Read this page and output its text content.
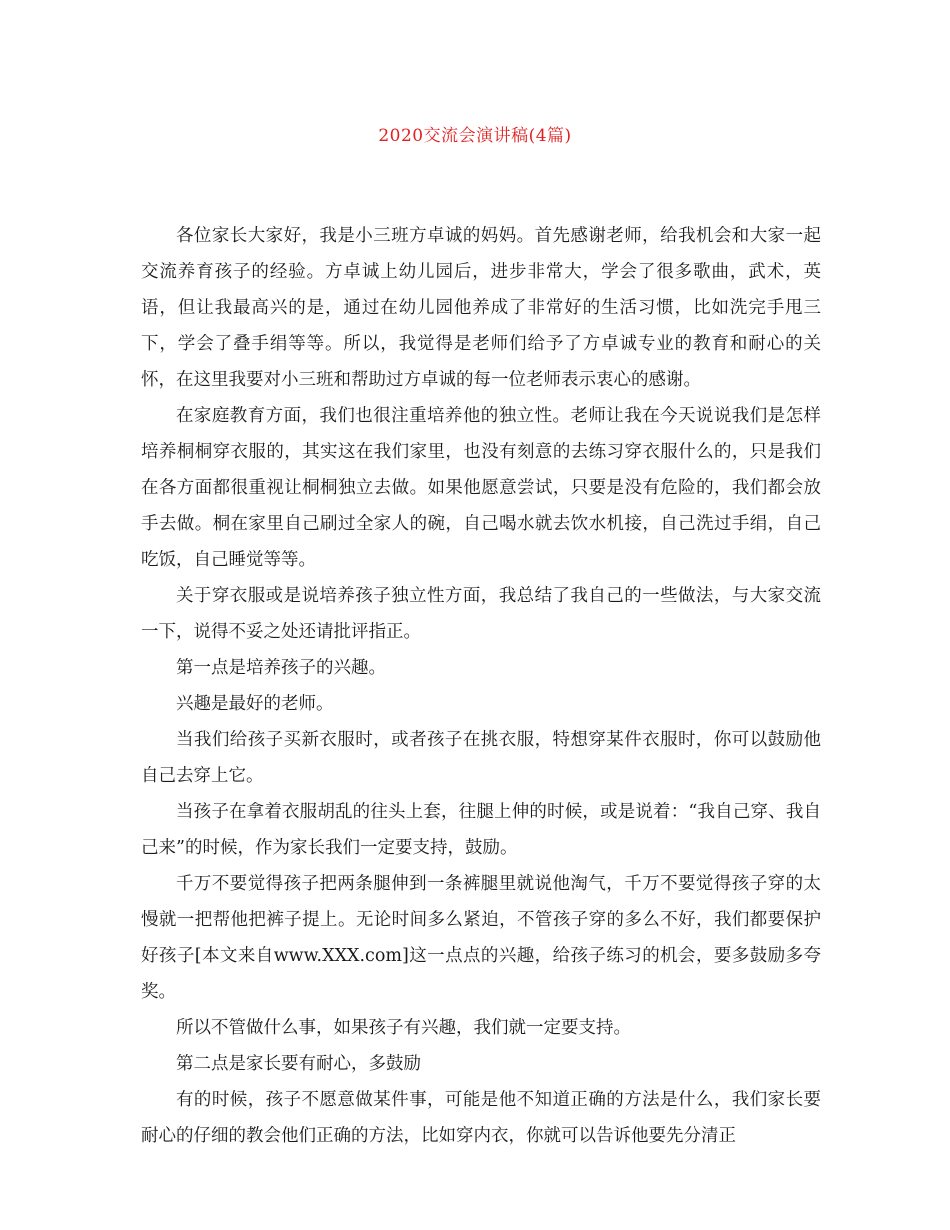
2020交流会演讲稿(4篇)

各位家长大家好，我是小三班方卓诚的妈妈。首先感谢老师，给我机会和大家一起交流养育孩子的经验。方卓诚上幼儿园后，进步非常大，学会了很多歌曲，武术，英语，但让我最高兴的是，通过在幼儿园他养成了非常好的生活习惯，比如洗完手甩三下，学会了叠手绢等等。所以，我觉得是老师们给予了方卓诚专业的教育和耐心的关怀，在这里我要对小三班和帮助过方卓诚的每一位老师表示衷心的感谢。

在家庭教育方面，我们也很注重培养他的独立性。老师让我在今天说说我们是怎样培养桐桐穿衣服的，其实这在我们家里，也没有刻意的去练习穿衣服什么的，只是我们在各方面都很重视让桐桐独立去做。如果他愿意尝试，只要是没有危险的，我们都会放手去做。桐在家里自己刷过全家人的碗，自己喝水就去饮水机接，自己洗过手绢，自己吃饭，自己睡觉等等。

关于穿衣服或是说培养孩子独立性方面，我总结了我自己的一些做法，与大家交流一下，说得不妥之处还请批评指正。

第一点是培养孩子的兴趣。

兴趣是最好的老师。

当我们给孩子买新衣服时，或者孩子在挑衣服，特想穿某件衣服时，你可以鼓励他自己去穿上它。

当孩子在拿着衣服胡乱的往头上套，往腿上伸的时候，或是说着：“我自己穿、我自己来”的时候，作为家长我们一定要支持，鼓励。

千万不要觉得孩子把两条腿伸到一条裤腿里就说他淘气，千万不要觉得孩子穿的太慢就一把帮他把裤子提上。无论时间多么紧迫，不管孩子穿的多么不好，我们都要保护好孩子[本文来自www.XXX.com]这一点点的兴趣，给孩子练习的机会，要多鼓励多夸奖。

所以不管做什么事，如果孩子有兴趣，我们就一定要支持。

第二点是家长要有耐心，多鼓励

有的时候，孩子不愿意做某件事，可能是他不知道正确的方法是什么，我们家长要耐心的仔细的教会他们正确的方法，比如穿内衣，你就可以告诉他要先分清正
